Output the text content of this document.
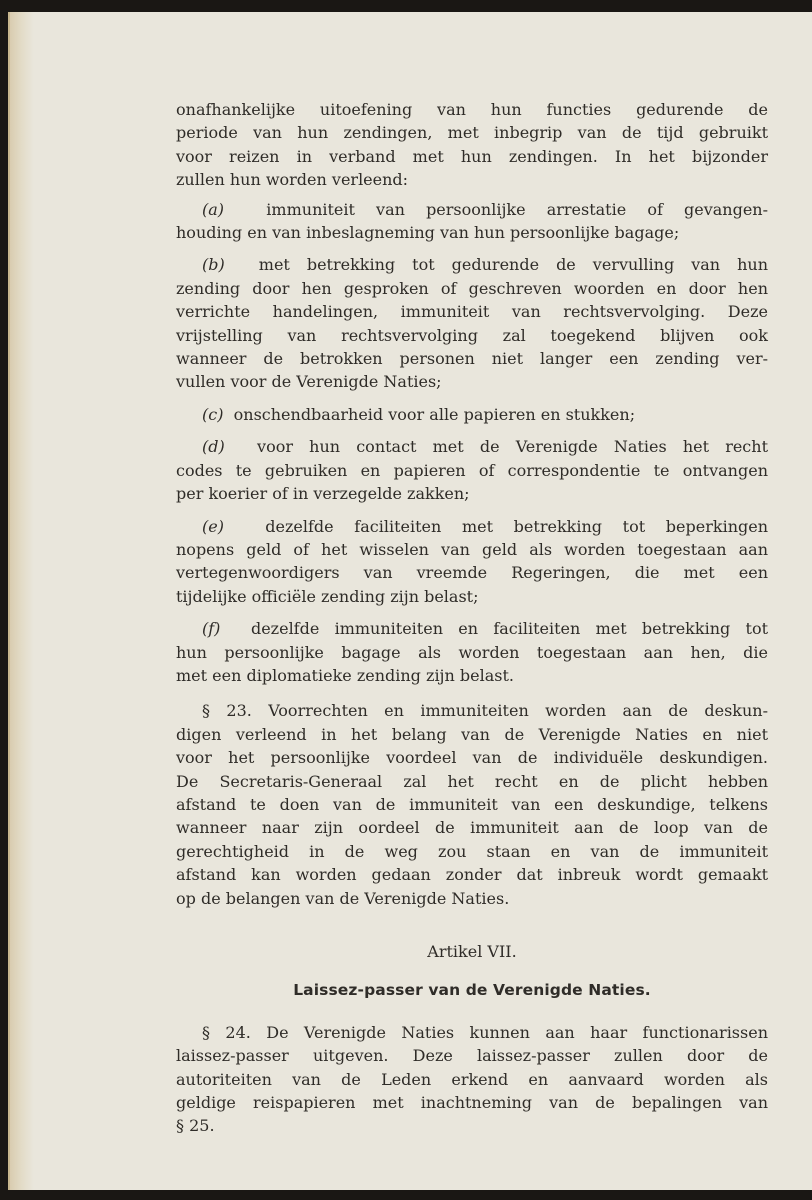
onafhankelijke uitoefening van hun functies gedurende de

periode van hun zendingen, met inbegrip van de tijd gebruikt

voor reizen in verband met hun zendingen. In het bijzonder

zullen hun worden verleend:

(a)	immuniteit van persoonlijke arrestatie of gevangen-

houding en van inbeslagneming van hun persoonlijke bagage;

(b) met betrekking tot gedurende de vervulling van hun

zending door hen gesproken of geschreven woorden en door hen

verrichte handelingen, immuniteit van rechtsvervolging. Deze

vrijstelling van rechtsvervolging zal toegekend blijven ook

wanneer de betrokken personen niet langer een zending ver-

vullen voor de Verenigde Naties;

(c) onschendbaarheid voor alle papieren en stukken;

(d) voor hun contact met de Verenigde Naties het recht

codes te gebruiken en papieren of correspondentie te ontvangen

per koerier of in verzegelde zakken;

(e)	dezelfde faciliteiten met betrekking tot beperkingen

nopens geld of het wisselen van geld als worden toegestaan aan

vertegenwoordigers van vreemde Regeringen, die met een

tijdelijke officiële zending zijn belast;

(f) dezelfde immuniteiten en faciliteiten met betrekking tot

hun persoonlijke bagage als worden toegestaan aan hen, die

met een diplomatieke zending zijn belast.

§ 23. Voorrechten en immuniteiten worden aan de deskun-

digen verleend in het belang van de Verenigde Naties en niet

voor het persoonlijke voordeel van de individuële deskundigen.

De Secretaris-Generaal zal het recht en de plicht hebben

afstand te doen van de immuniteit van een deskundige, telkens

wanneer naar zijn oordeel de immuniteit aan de loop van de

gerechtigheid in de weg zou staan en van de immuniteit

afstand kan worden gedaan zonder dat inbreuk wordt gemaakt

op de belangen van de Verenigde Naties.

Artikel VII.
Laissez-passer van de Verenigde Naties.

§ 24. De Verenigde Naties kunnen aan haar functionarissen

laissez-passer uitgeven. Deze laissez-passer zullen door de

autoriteiten van de Leden erkend en aanvaard worden als

geldige reispapieren met inachtneming van de bepalingen van

§ 25.
